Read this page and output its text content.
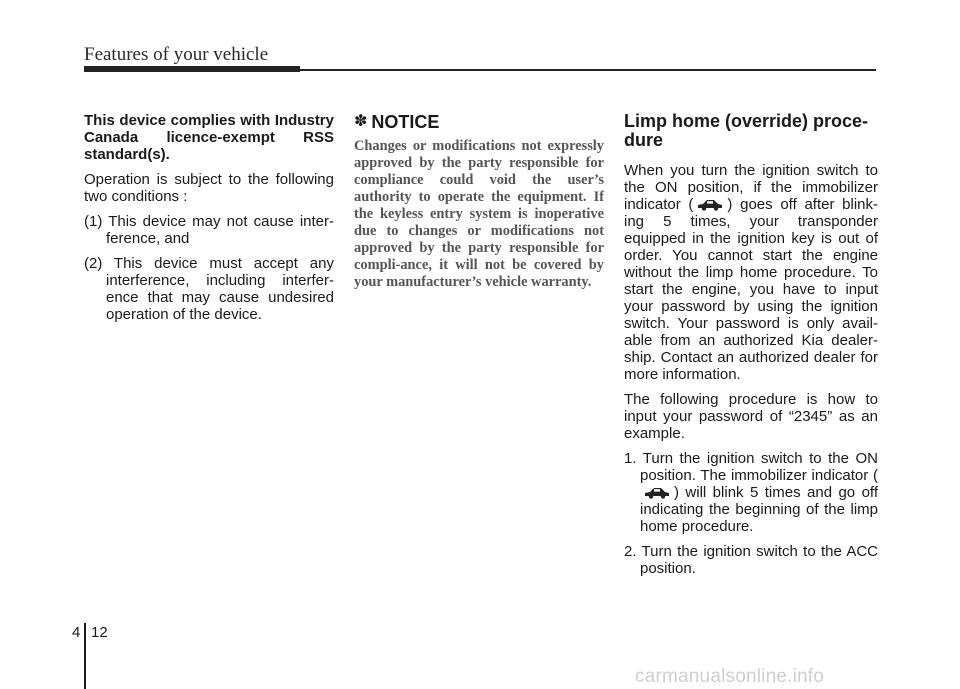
Features of your vehicle

This device complies with Industry Canada licence-exempt RSS standard(s).

Operation is subject to the following two conditions :

(1) This device may not cause inter-ference, and

(2) This device must accept any interference, including interfer-ence that may cause undesired operation of the device.

✽ NOTICE

Changes or modifications not expressly approved by the party responsible for compliance could void the user’s authority to operate the equipment. If the keyless entry system is inoperative due to changes or modifications not approved by the party responsible for compli-ance, it will not be covered by your manufacturer’s vehicle warranty.

Limp home (override) proce-dure

When you turn the ignition switch to the ON position, if the immobilizer indicator ( ) goes off after blink-ing 5 times, your transponder equipped in the ignition key is out of order. You cannot start the engine without the limp home procedure. To start the engine, you have to input your password by using the ignition switch. Your password is only avail-able from an authorized Kia dealer-ship. Contact an authorized dealer for more information.

The following procedure is how to input your password of “2345” as an example.

1. Turn the ignition switch to the ON position. The immobilizer indicator () will blink 5 times and go off indicating the beginning of the limp home procedure.

2. Turn the ignition switch to the ACC position.

4 12
carmanualsonline.info
